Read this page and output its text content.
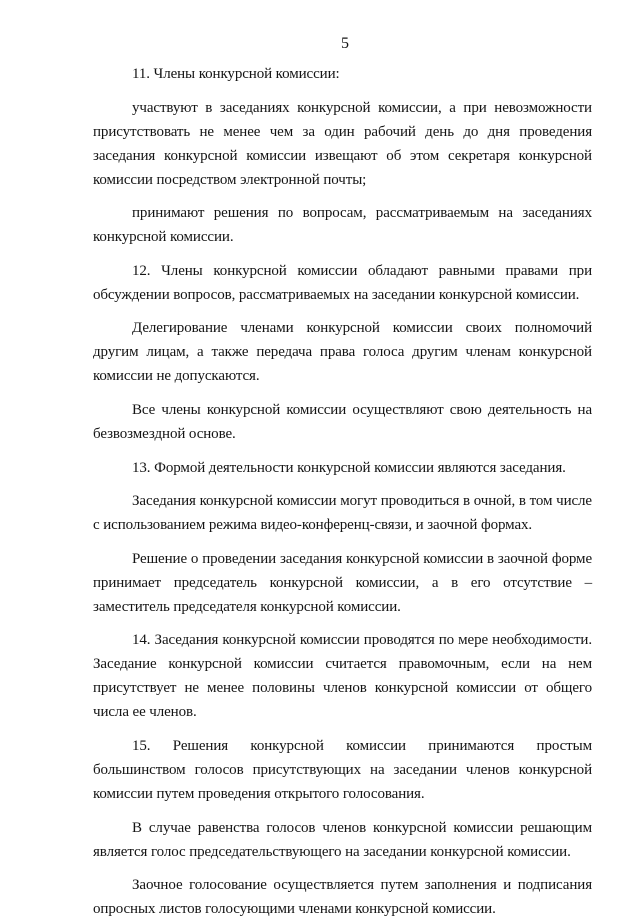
5

11. Члены конкурсной комиссии:

участвуют в заседаниях конкурсной комиссии, а при невозможности присутствовать не менее чем за один рабочий день до дня проведения заседания конкурсной комиссии извещают об этом секретаря конкурсной комиссии посредством электронной почты;

принимают решения по вопросам, рассматриваемым на заседаниях конкурсной комиссии.

12. Члены конкурсной комиссии обладают равными правами при обсуждении вопросов, рассматриваемых на заседании конкурсной комиссии.

Делегирование членами конкурсной комиссии своих полномочий другим лицам, а также передача права голоса другим членам конкурсной комиссии не допускаются.

Все члены конкурсной комиссии осуществляют свою деятельность на безвозмездной основе.

13. Формой деятельности конкурсной комиссии являются заседания.

Заседания конкурсной комиссии могут проводиться в очной, в том числе с использованием режима видео-конференц-связи, и заочной формах.

Решение о проведении заседания конкурсной комиссии в заочной форме принимает председатель конкурсной комиссии, а в его отсутствие – заместитель председателя конкурсной комиссии.

14. Заседания конкурсной комиссии проводятся по мере необходимости. Заседание конкурсной комиссии считается правомочным, если на нем присутствует не менее половины членов конкурсной комиссии от общего числа ее членов.

15. Решения конкурсной комиссии принимаются простым большинством голосов присутствующих на заседании членов конкурсной комиссии путем проведения открытого голосования.

В случае равенства голосов членов конкурсной комиссии решающим является голос председательствующего на заседании конкурсной комиссии.

Заочное голосование осуществляется путем заполнения и подписания опросных листов голосующими членами конкурсной комиссии.
